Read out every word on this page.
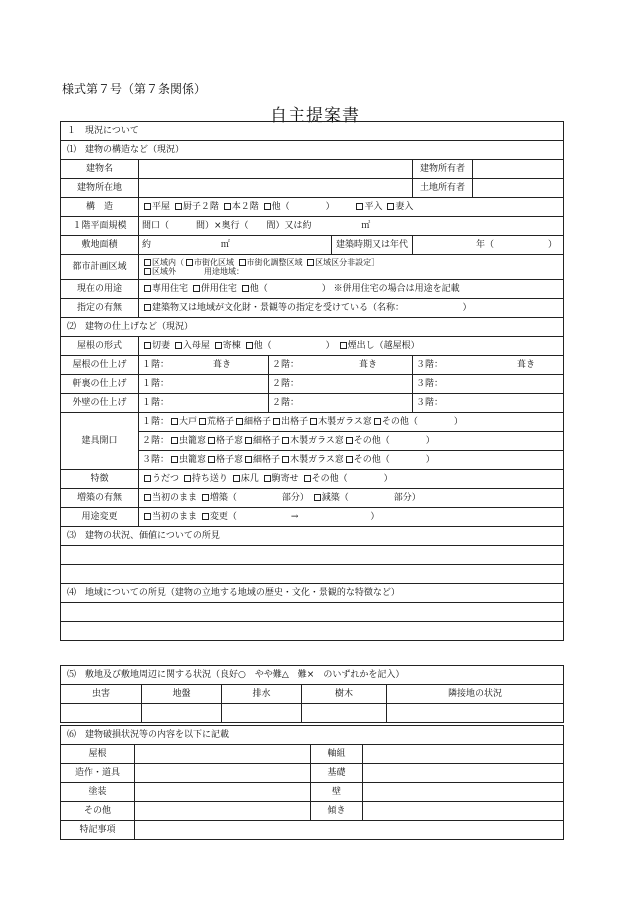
様式第７号（第７条関係）
自主提案書
１　現況について					
⑴　建物の構造など（現況）					
建物名				建物所有者	
建物所在地				土地所有者	
構　造	平屋 厨子２階 本２階 他（　　　　） 平入 妻入				
１階平面規模	間口（　　　間）×奥行（　　間）又は約 ㎡				
敷地面積	約 ㎡		建築時期又は年代	年（　　　　　　）	
都市計画区域	区域内（ 市街化区域 市街化調整区域 区域区分非設定］
区域外 用途地域：				

現在の用途	専用住宅 併用住宅 他（　　　　　　） ※併用住宅の場合は用途を記載				
指定の有無	建築物又は地域が文化財・景観等の指定を受けている（名称：　　　　　　　）				
⑵　建物の仕上げなど（現況）					
屋根の形式	切妻 入母屋 寄棟 他（　　　　　　） 煙出し（越屋根）				
屋根の仕上げ	１階： 葺き	２階： 葺き		３階： 葺き	
軒裏の仕上げ	１階：	２階：		３階：	
外壁の仕上げ	１階：	２階：		３階：	
建具開口	１階： 大戸 荒格子 細格子 出格子 木製ガラス窓 その他（　　　　）				
	２階： 虫籠窓 格子窓 細格子 木製ガラス窓 その他（　　　　）				
	３階： 虫籠窓 格子窓 細格子 木製ガラス窓 その他（　　　　）				
特徴	うだつ 持ち送り 床几 駒寄せ その他（　　　　）				
増築の有無	当初のまま 増築（　　　　　部分） 減築（　　　　　部分）				
用途変更	当初のまま 変更（　　　　　　→　　　　　　　　）				
⑶　建物の状況、価値についての所見					

⑷　地域についての所見（建物の立地する地域の歴史・文化・景観的な特徴など）					

⑸　敷地及び敷地周辺に関する状況（良好○　やや難△　難×　のいずれかを記入）				
虫害	地盤	排水	樹木	隣接地の状況

⑹　建物破損状況等の内容を以下に記載			
屋根		軸組	
造作・道具		基礎	
塗装		壁	
その他		傾き	
特記事項			
